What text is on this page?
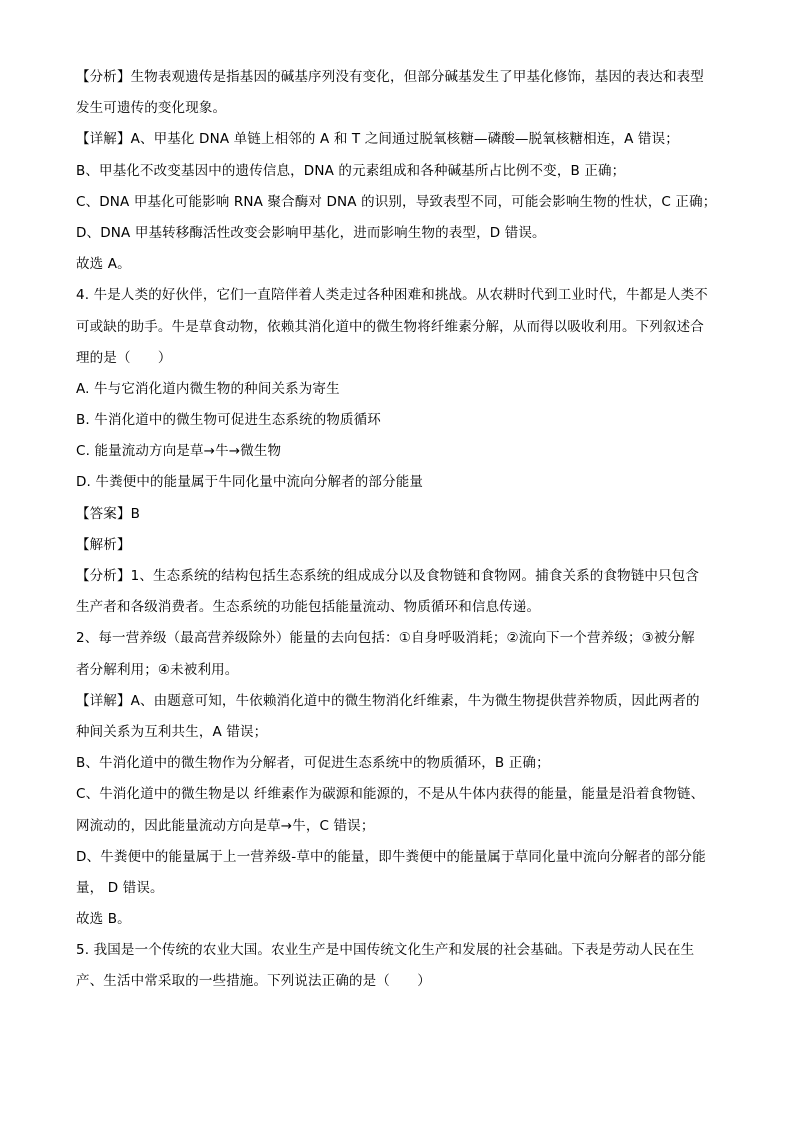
【分析】生物表观遗传是指基因的碱基序列没有变化，但部分碱基发生了甲基化修饰，基因的表达和表型
发生可遗传的变化现象。
【详解】A、甲基化 DNA 单链上相邻的 A 和 T 之间通过脱氧核糖—磷酸—脱氧核糖相连，A 错误；
B、甲基化不改变基因中的遗传信息，DNA 的元素组成和各种碱基所占比例不变，B 正确；
C、DNA 甲基化可能影响 RNA 聚合酶对 DNA 的识别，导致表型不同，可能会影响生物的性状，C 正确；
D、DNA 甲基转移酶活性改变会影响甲基化，进而影响生物的表型，D 错误。
故选 A。
4. 牛是人类的好伙伴，它们一直陪伴着人类走过各种困难和挑战。从农耕时代到工业时代，牛都是人类不
可或缺的助手。牛是草食动物，依赖其消化道中的微生物将纤维素分解，从而得以吸收利用。下列叙述合
理的是（　　）
A. 牛与它消化道内微生物的种间关系为寄生
B. 牛消化道中的微生物可促进生态系统的物质循环
C. 能量流动方向是草→牛→微生物
D. 牛粪便中的能量属于牛同化量中流向分解者的部分能量
【答案】B
【解析】
【分析】1、生态系统的结构包括生态系统的组成成分以及食物链和食物网。捕食关系的食物链中只包含
生产者和各级消费者。生态系统的功能包括能量流动、物质循环和信息传递。
2、每一营养级（最高营养级除外）能量的去向包括：①自身呼吸消耗；②流向下一个营养级；③被分解
者分解利用；④未被利用。
【详解】A、由题意可知，牛依赖消化道中的微生物消化纤维素，牛为微生物提供营养物质，因此两者的
种间关系为互利共生，A 错误；
B、牛消化道中的微生物作为分解者，可促进生态系统中的物质循环，B 正确；
C、牛消化道中的微生物是以 纤维素作为碳源和能源的，不是从牛体内获得的能量，能量是沿着食物链、
网流动的，因此能量流动方向是草→牛，C 错误；
D、牛粪便中的能量属于上一营养级-草中的能量，即牛粪便中的能量属于草同化量中流向分解者的部分能
量， D 错误。
故选 B。
5. 我国是一个传统的农业大国。农业生产是中国传统文化生产和发展的社会基础。下表是劳动人民在生
产、生活中常采取的一些措施。下列说法正确的是（　　）
